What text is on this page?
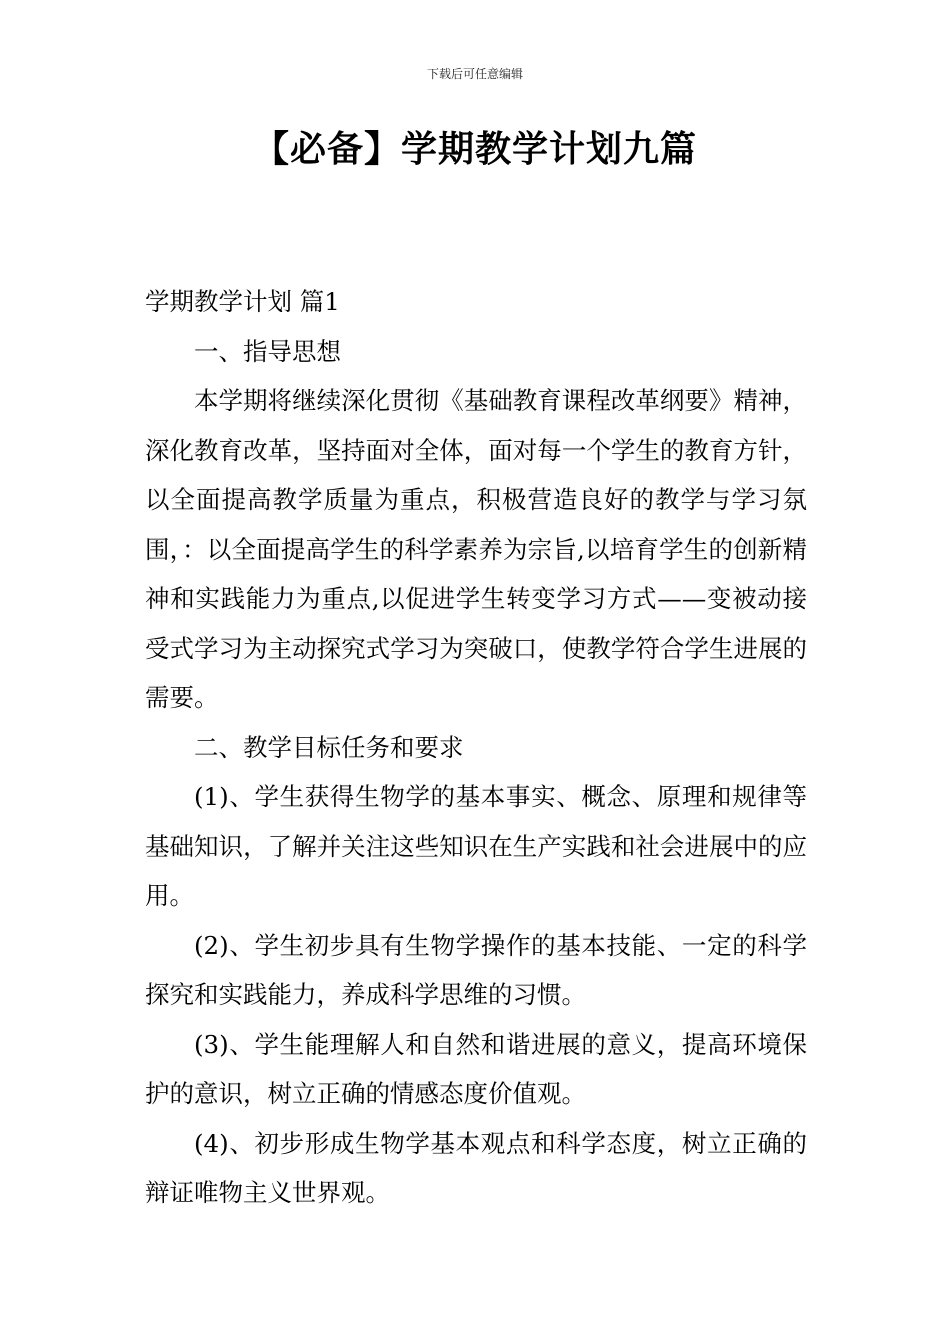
下载后可任意编辑
【必备】学期教学计划九篇

学期教学计划 篇1

一、指导思想

本学期将继续深化贯彻《基础教育课程改革纲要》精神，深化教育改革，坚持面对全体，面对每一个学生的教育方针，以全面提高教学质量为重点，积极营造良好的教学与学习氛围，：以全面提高学生的科学素养为宗旨,以培育学生的创新精神和实践能力为重点,以促进学生转变学习方式——变被动接受式学习为主动探究式学习为突破口，使教学符合学生进展的需要。

二、教学目标任务和要求

(1)、学生获得生物学的基本事实、概念、原理和规律等基础知识，了解并关注这些知识在生产实践和社会进展中的应用。

(2)、学生初步具有生物学操作的基本技能、一定的科学探究和实践能力，养成科学思维的习惯。

(3)、学生能理解人和自然和谐进展的意义，提高环境保护的意识，树立正确的情感态度价值观。

(4)、初步形成生物学基本观点和科学态度，树立正确的辩证唯物主义世界观。
